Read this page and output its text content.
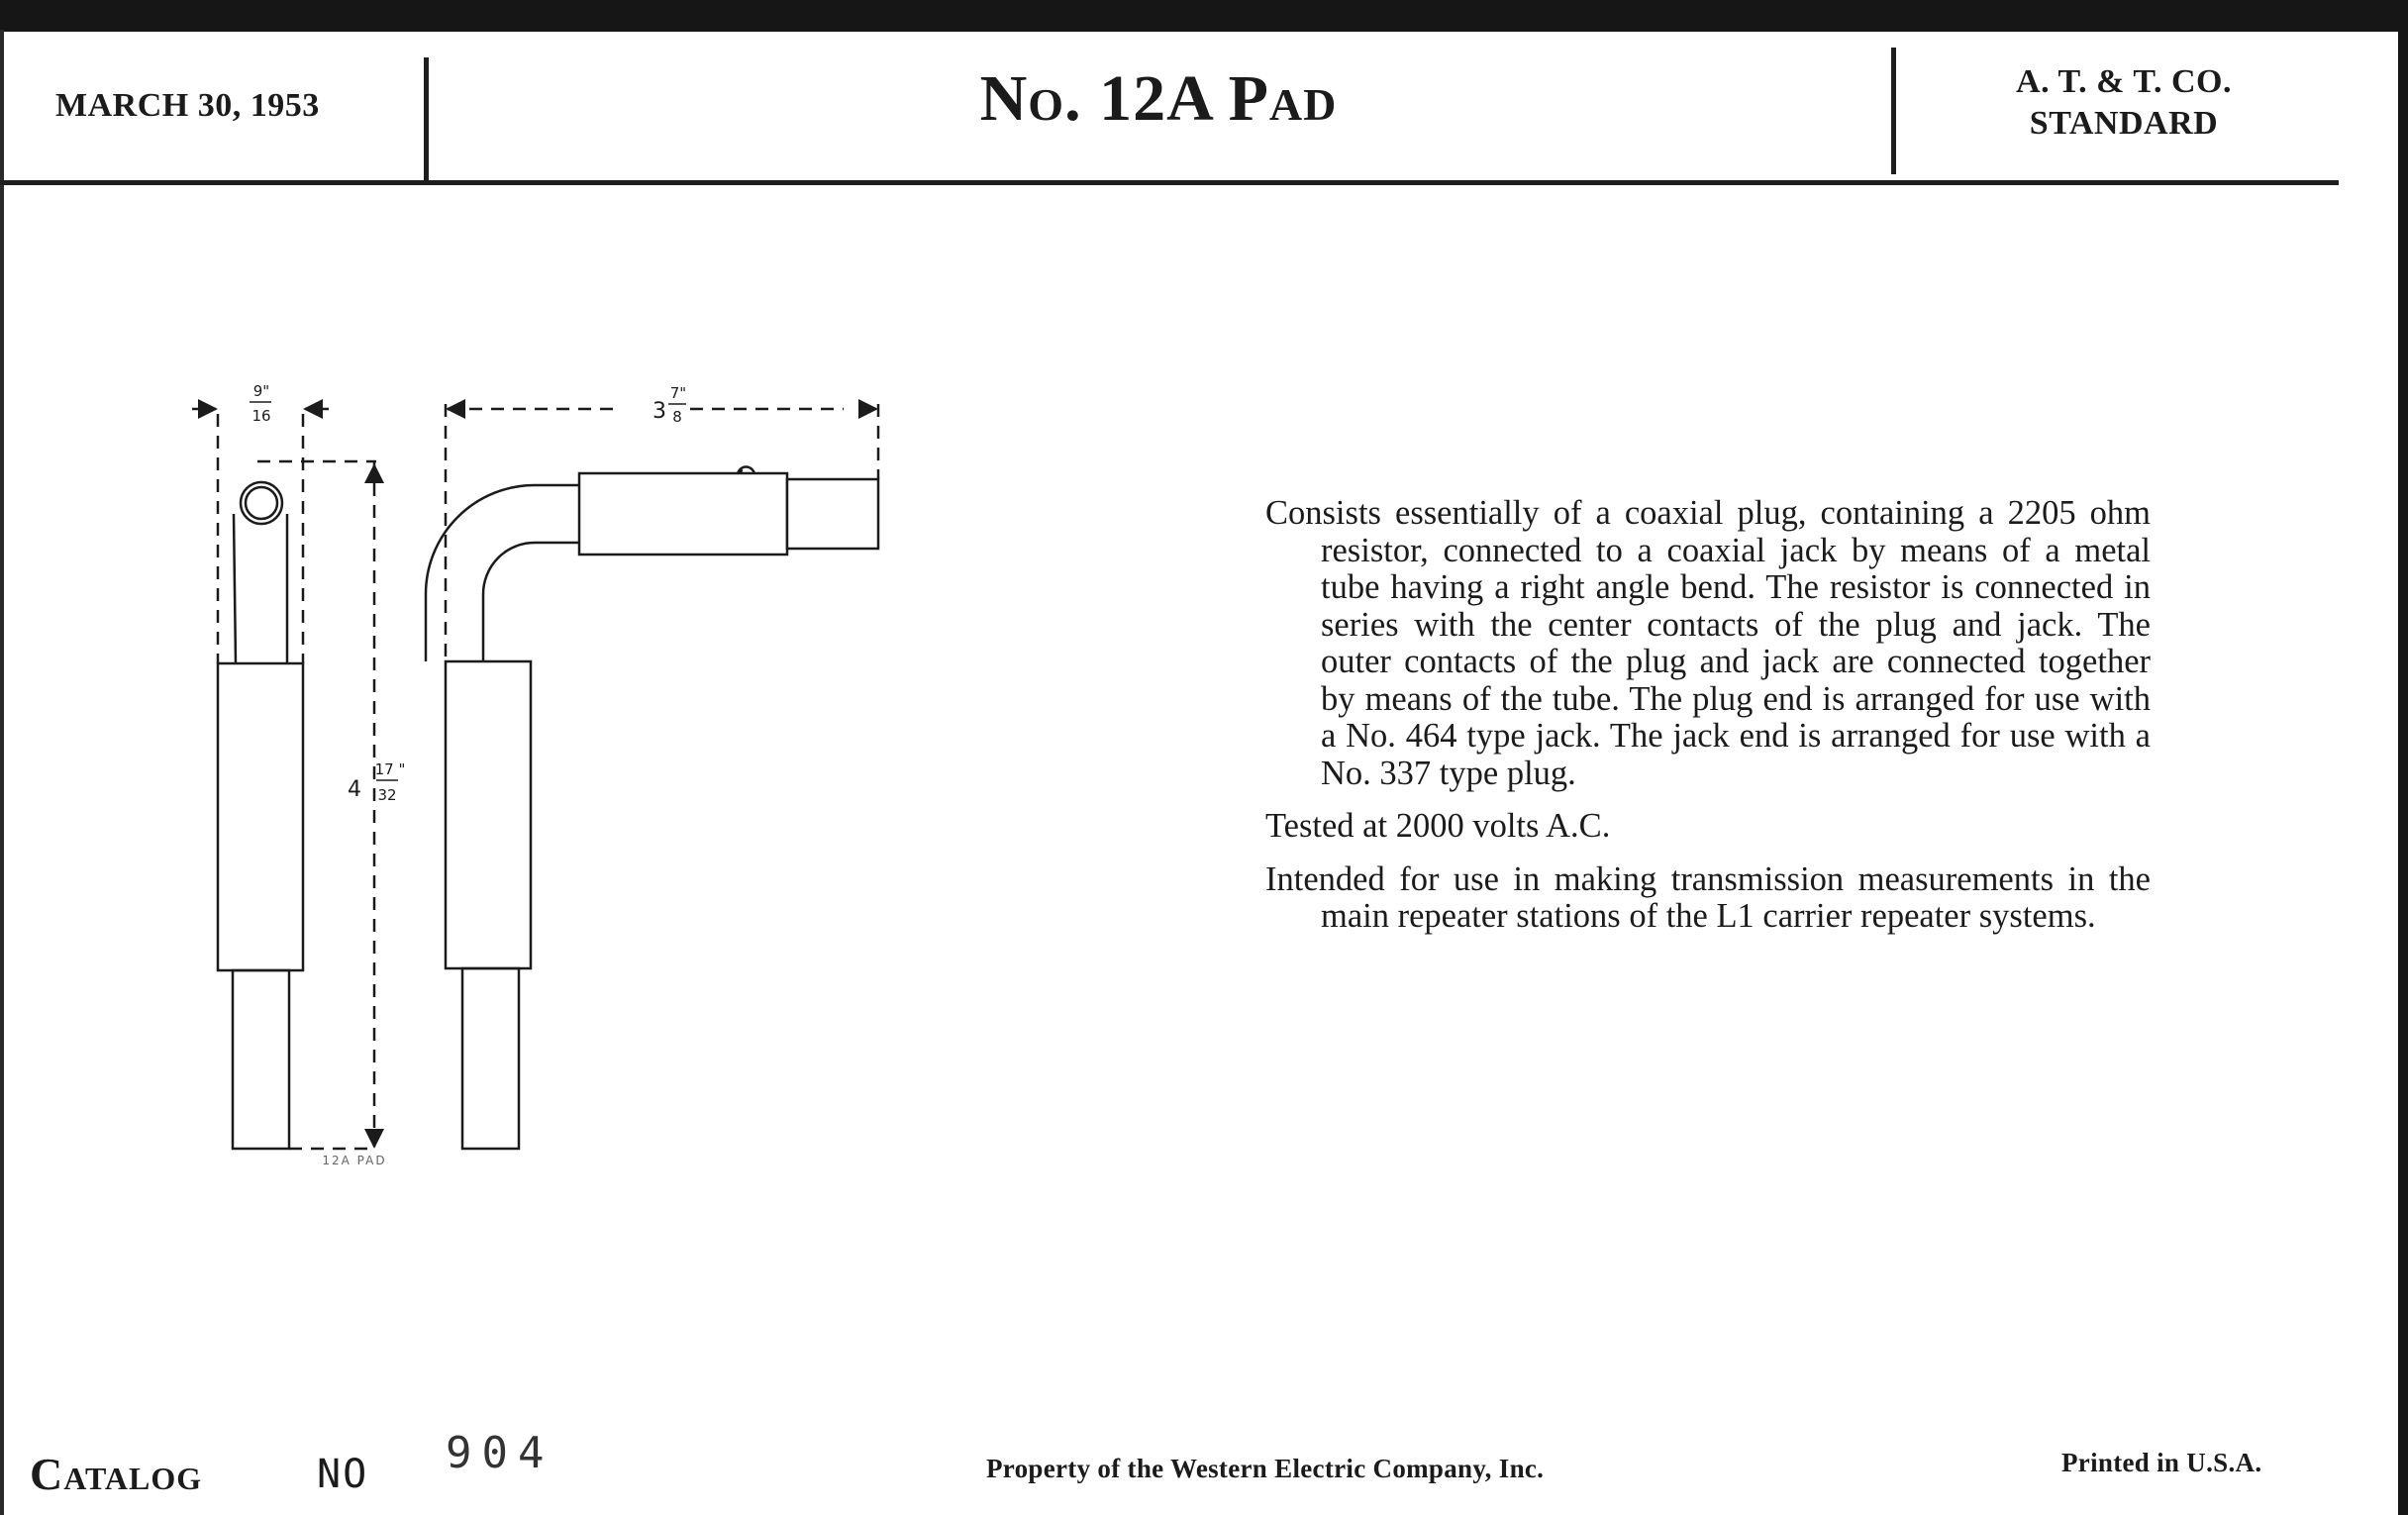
MARCH 30, 1953	No. 12A Pad	A. T. & T. CO.
STANDARD
9"
16
4
17 "
32
3
7"
8
12A PAD

Consists essentially of a coaxial plug, containing a 2205 ohm resistor, connected to a coaxial jack by means of a metal tube having a right angle bend. The resistor is connected in series with the center contacts of the plug and jack. The outer contacts of the plug and jack are connected together by means of the tube. The plug end is arranged for use with a No. 464 type jack. The jack end is arranged for use with a No. 337 type plug.

Tested at 2000 volts A.C.

Intended for use in making transmission measurements in the main repeater stations of the L1 carrier repeater systems.

Catalog	NO 904	Property of the Western Electric Company, Inc.	Printed in U.S.A.
